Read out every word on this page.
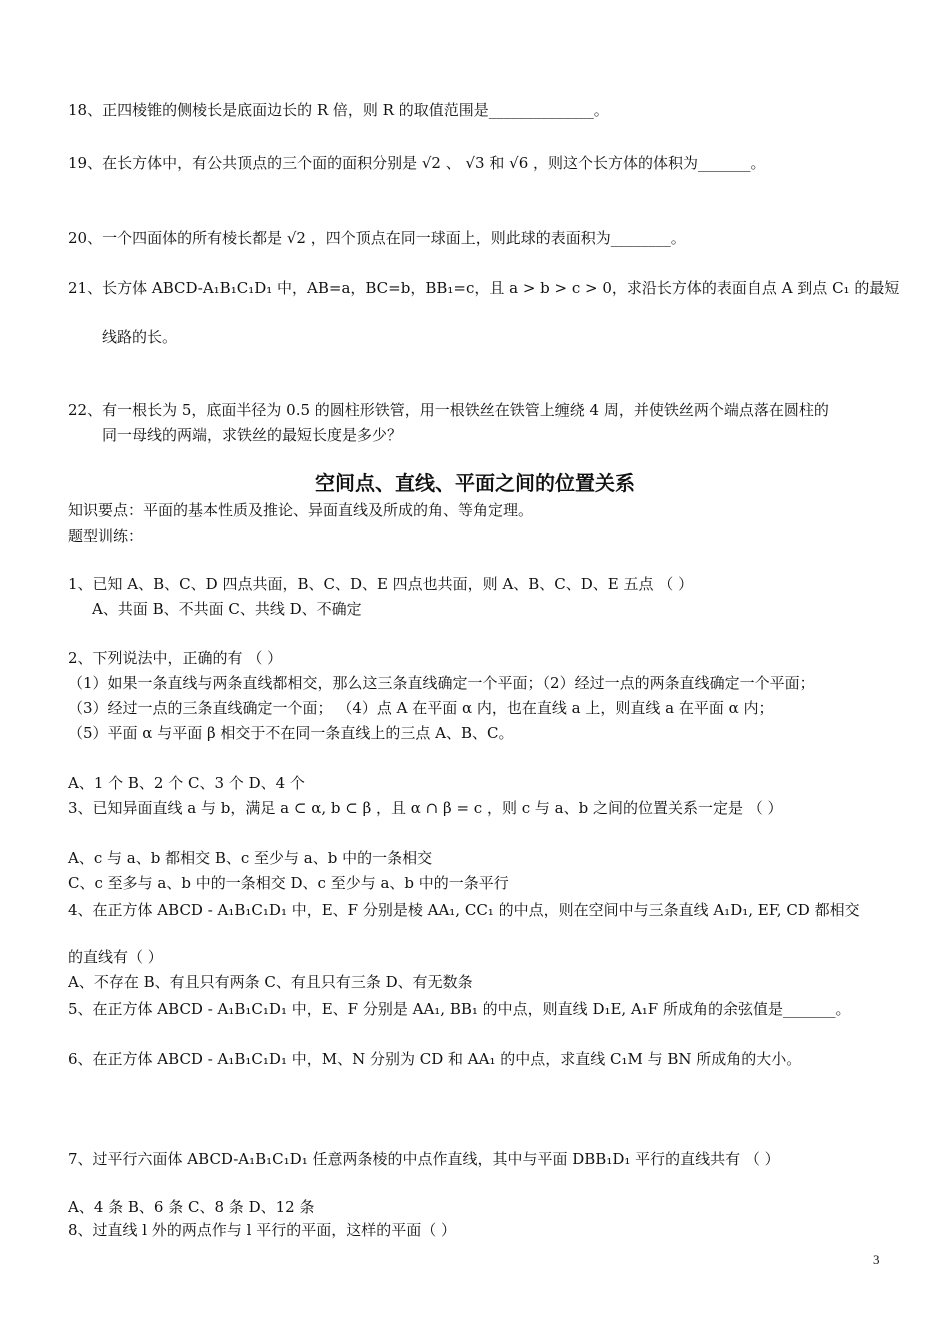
18、正四棱锥的侧棱长是底面边长的 R 倍，则 R 的取值范围是______________。
19、在长方体中，有公共顶点的三个面的面积分别是 √2 、 √3 和 √6 ，则这个长方体的体积为_______。
20、一个四面体的所有棱长都是 √2 ，四个顶点在同一球面上，则此球的表面积为________。
21、长方体 ABCD-A₁B₁C₁D₁ 中，AB=a，BC=b，BB₁=c，且 a > b > c > 0，求沿长方体的表面自点 A 到点 C₁ 的最短
线路的长。
22、有一根长为 5，底面半径为 0.5 的圆柱形铁管，用一根铁丝在铁管上缠绕 4 周，并使铁丝两个端点落在圆柱的
同一母线的两端，求铁丝的最短长度是多少？
空间点、直线、平面之间的位置关系
知识要点：平面的基本性质及推论、异面直线及所成的角、等角定理。
题型训练：
1、已知 A、B、C、D 四点共面，B、C、D、E 四点也共面，则 A、B、C、D、E 五点 （ ）
A、共面 B、不共面 C、共线 D、不确定
2、下列说法中，正确的有 （ ）
（1）如果一条直线与两条直线都相交，那么这三条直线确定一个平面；（2）经过一点的两条直线确定一个平面；
（3）经过一点的三条直线确定一个面； （4）点 A 在平面 α 内，也在直线 a 上，则直线 a 在平面 α 内；
（5）平面 α 与平面 β 相交于不在同一条直线上的三点 A、B、C。
A、1 个 B、2 个 C、3 个 D、4 个
3、已知异面直线 a 与 b，满足 a ⊂ α, b ⊂ β ，且 α ∩ β = c ，则 c 与 a、b 之间的位置关系一定是 （ ）
A、c 与 a、b 都相交 B、c 至少与 a、b 中的一条相交
C、c 至多与 a、b 中的一条相交 D、c 至少与 a、b 中的一条平行
4、在正方体 ABCD - A₁B₁C₁D₁ 中，E、F 分别是棱 AA₁, CC₁ 的中点，则在空间中与三条直线 A₁D₁, EF, CD 都相交
的直线有（ ）
A、不存在 B、有且只有两条 C、有且只有三条 D、有无数条
5、在正方体 ABCD - A₁B₁C₁D₁ 中，E、F 分别是 AA₁, BB₁ 的中点，则直线 D₁E, A₁F 所成角的余弦值是_______。
6、在正方体 ABCD - A₁B₁C₁D₁ 中，M、N 分别为 CD 和 AA₁ 的中点，求直线 C₁M 与 BN 所成角的大小。
7、过平行六面体 ABCD-A₁B₁C₁D₁ 任意两条棱的中点作直线，其中与平面 DBB₁D₁ 平行的直线共有 （ ）
A、4 条 B、6 条 C、8 条 D、12 条
8、过直线 l 外的两点作与 l 平行的平面，这样的平面（ ）
3
